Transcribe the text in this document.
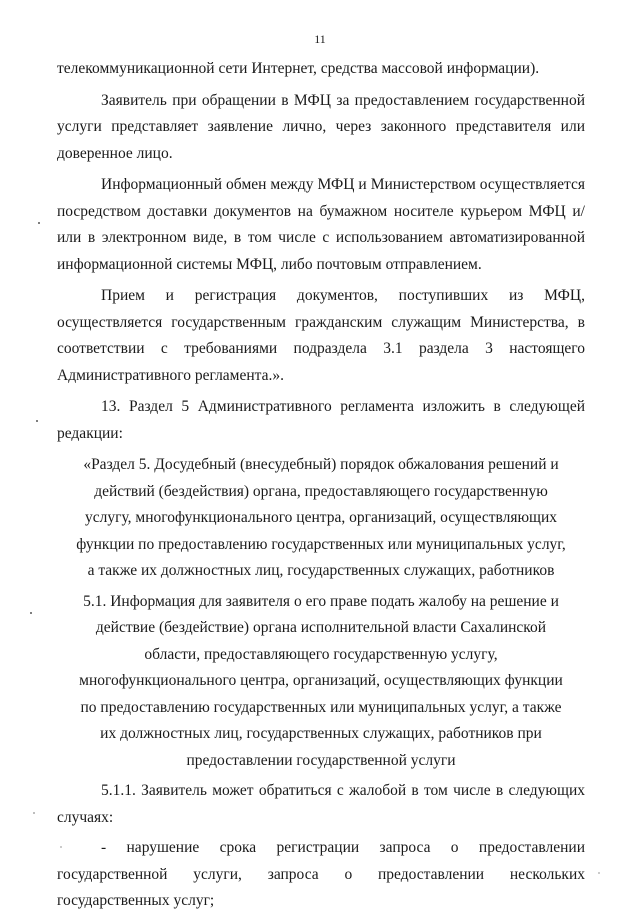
11

телекоммуникационной сети Интернет, средства массовой информации).

Заявитель при обращении в МФЦ за предоставлением государственной услуги представляет заявление лично, через законного представителя или доверенное лицо.

Информационный обмен между МФЦ и Министерством осуществляется посредством доставки документов на бумажном носителе курьером МФЦ и/или в электронном виде, в том числе с использованием автоматизированной информационной системы МФЦ, либо почтовым отправлением.

Прием и регистрация документов, поступивших из МФЦ, осуществляется государственным гражданским служащим Министерства, в соответствии с требованиями подраздела 3.1 раздела 3 настоящего Административного регламента.».

13. Раздел 5 Административного регламента изложить в следующей редакции:

«Раздел 5. Досудебный (внесудебный) порядок обжалования решений и действий (бездействия) органа, предоставляющего государственную услугу, многофункционального центра, организаций, осуществляющих функции по предоставлению государственных или муниципальных услуг, а также их должностных лиц, государственных служащих, работников

5.1. Информация для заявителя о его праве подать жалобу на решение и действие (бездействие) органа исполнительной власти Сахалинской области, предоставляющего государственную услугу, многофункционального центра, организаций, осуществляющих функции по предоставлению государственных или муниципальных услуг, а также их должностных лиц, государственных служащих, работников при предоставлении государственной услуги

5.1.1. Заявитель может обратиться с жалобой в том числе в следующих случаях:

- нарушение срока регистрации запроса о предоставлении государственной услуги, запроса о предоставлении нескольких государственных услуг;
